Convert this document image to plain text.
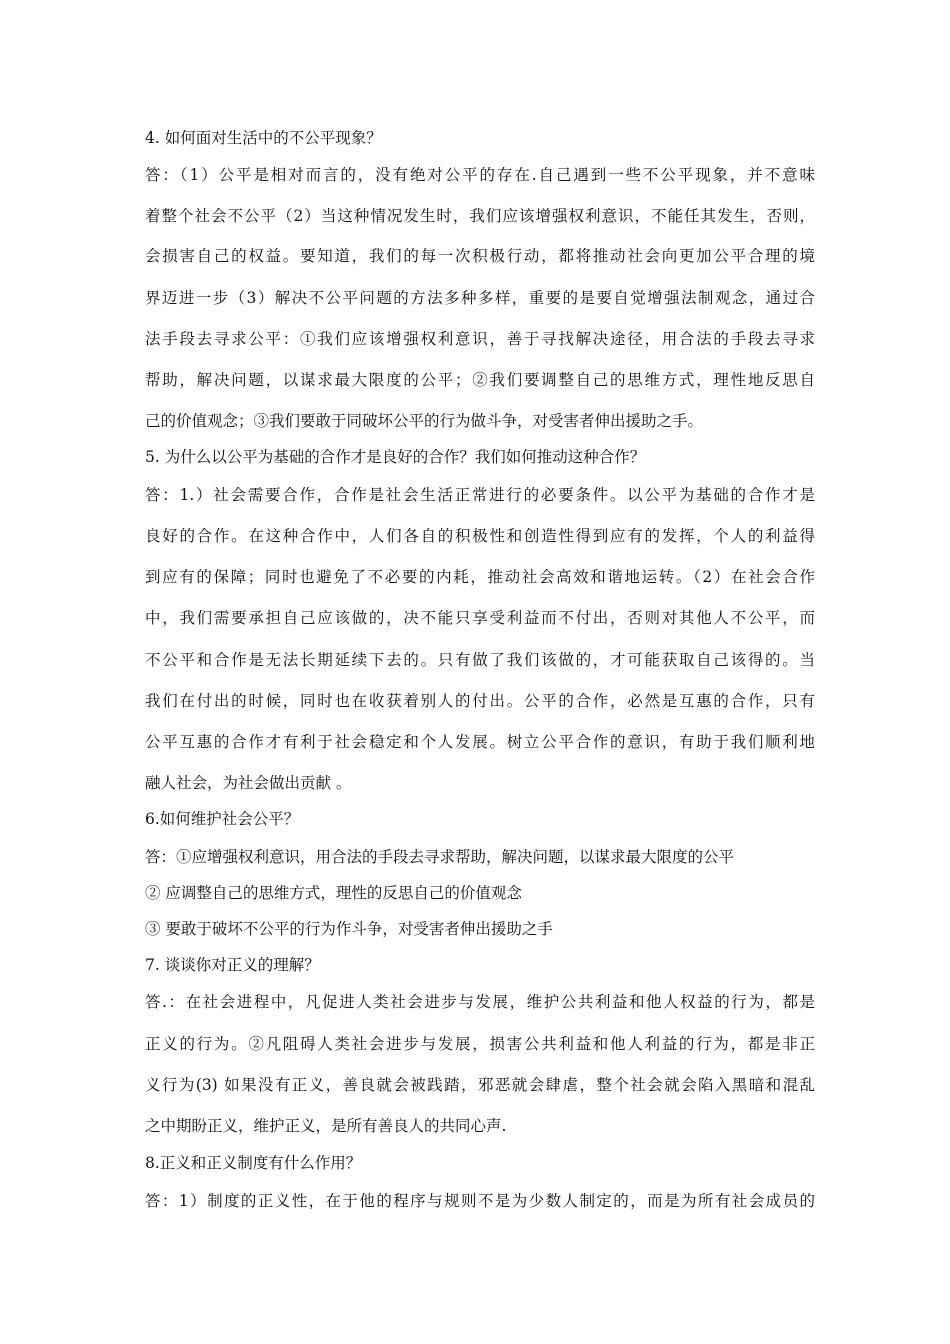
4. 如何面对生活中的不公平现象？
答：（1）公平是相对而言的，没有绝对公平的存在.自己遇到一些不公平现象，并不意味
着整个社会不公平（2）当这种情况发生时，我们应该增强权利意识，不能任其发生，否则，
会损害自己的权益。要知道，我们的每一次积极行动，都将推动社会向更加公平合理的境
界迈进一步（3）解决不公平问题的方法多种多样，重要的是要自觉增强法制观念，通过合
法手段去寻求公平：①我们应该增强权利意识，善于寻找解决途径，用合法的手段去寻求
帮助，解决问题，以谋求最大限度的公平；②我们要调整自己的思维方式，理性地反思自
己的价值观念；③我们要敢于同破坏公平的行为做斗争，对受害者伸出援助之手。
5. 为什么以公平为基础的合作才是良好的合作？我们如何推动这种合作？
答：1.）社会需要合作，合作是社会生活正常进行的必要条件。以公平为基础的合作才是
良好的合作。在这种合作中，人们各自的积极性和创造性得到应有的发挥，个人的利益得
到应有的保障；同时也避免了不必要的内耗，推动社会高效和谐地运转。（2）在社会合作
中，我们需要承担自己应该做的，决不能只享受利益而不付出，否则对其他人不公平，而
不公平和合作是无法长期延续下去的。只有做了我们该做的，才可能获取自己该得的。当
我们在付出的时候，同时也在收获着别人的付出。公平的合作，必然是互惠的合作，只有
公平互惠的合作才有利于社会稳定和个人发展。树立公平合作的意识，有助于我们顺利地
融人社会，为社会做出贡献 。
6.如何维护社会公平？
答：①应增强权利意识，用合法的手段去寻求帮助，解决问题，以谋求最大限度的公平
② 应调整自己的思维方式，理性的反思自己的价值观念
③ 要敢于破坏不公平的行为作斗争，对受害者伸出援助之手
7. 谈谈你对正义的理解？
答.：在社会进程中，凡促进人类社会进步与发展，维护公共利益和他人权益的行为，都是
正义的行为。②凡阻碍人类社会进步与发展，损害公共利益和他人利益的行为，都是非正
义行为(3) 如果没有正义，善良就会被践踏，邪恶就会肆虐，整个社会就会陷入黑暗和混乱
之中期盼正义，维护正义，是所有善良人的共同心声.
8.正义和正义制度有什么作用？
答：1）制度的正义性，在于他的程序与规则不是为少数人制定的，而是为所有社会成员的
